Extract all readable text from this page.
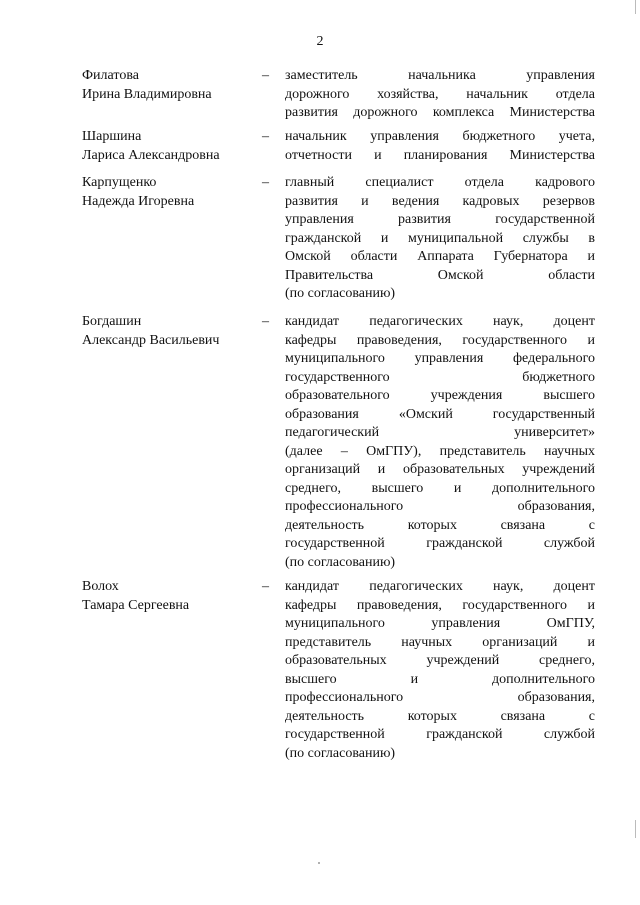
2
Филатова
Ирина Владимировна
– заместитель начальника управления
дорожного хозяйства, начальник отдела
развития дорожного комплекса Министерства
Шаршина
Лариса Александровна
– начальник управления бюджетного учета,
отчетности и планирования Министерства
Карпущенко
Надежда Игоревна
– главный специалист отдела кадрового
развития и ведения кадровых резервов
управления развития государственной
гражданской и муниципальной службы в
Омской области Аппарата Губернатора и
Правительства Омской области
(по согласованию)
Богдашин
Александр Васильевич
– кандидат педагогических наук, доцент
кафедры правоведения, государственного и
муниципального управления федерального
государственного бюджетного
образовательного учреждения высшего
образования «Омский государственный
педагогический университет»
(далее – ОмГПУ), представитель научных
организаций и образовательных учреждений
среднего, высшего и дополнительного
профессионального образования,
деятельность которых связана с
государственной гражданской службой
(по согласованию)
Волох
Тамара Сергеевна
– кандидат педагогических наук, доцент
кафедры правоведения, государственного и
муниципального управления ОмГПУ,
представитель научных организаций и
образовательных учреждений среднего,
высшего и дополнительного
профессионального образования,
деятельность которых связана с
государственной гражданской службой
(по согласованию)
